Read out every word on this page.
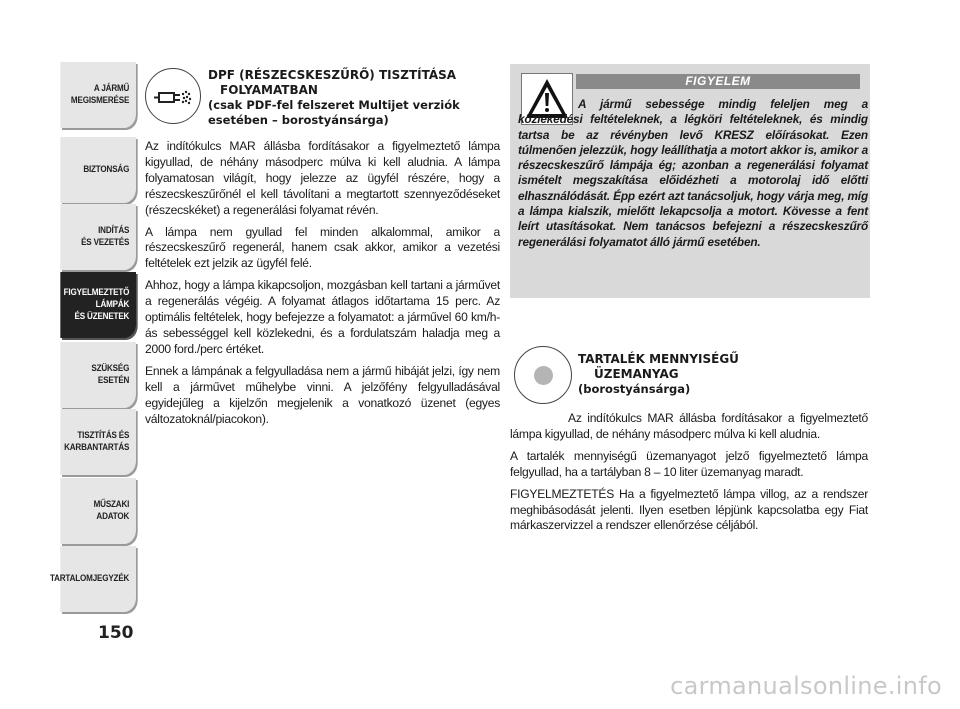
A JÁRMŰ
MEGISMERÉSE
BIZTONSÁG
INDÍTÁS
ÉS VEZETÉS
FIGYELMEZTETŐ
LÁMPÁK
ÉS ÜZENETEK
SZÜKSÉG
ESETÉN
TISZTÍTÁS ÉS
KARBANTARTÁS
MŰSZAKI
ADATOK
TARTALOMJEGYZÉK
150
DPF (RÉSZECSKESZŰRŐ) TISZTÍTÁSA
FOLYAMATBAN
(csak PDF-fel felszeret Multijet verziók
esetében – borostyánsárga)

Az indítókulcs MAR állásba fordításakor a figyelmeztető lámpa kigyullad, de néhány másodperc múlva ki kell aludnia. A lámpa folyamatosan világít, hogy jelezze az ügyfél részére, hogy a részecskeszűrőnél el kell távolítani a megtartott szennyeződéseket (részecskéket) a regenerálási folyamat révén.

A lámpa nem gyullad fel minden alkalommal, amikor a részecskeszűrő regenerál, hanem csak akkor, amikor a vezetési feltételek ezt jelzik az ügyfél felé.

Ahhoz, hogy a lámpa kikapcsoljon, mozgásban kell tartani a járművet a regenerálás végéig. A folyamat átlagos időtartama 15 perc. Az optimális feltételek, hogy befejezze a folyamatot: a járművel 60 km/h-ás sebességgel kell közlekedni, és a fordulatszám haladja meg a 2000 ford./perc értéket.

Ennek a lámpának a felgyulladása nem a jármű hibáját jelzi, így nem kell a járművet műhelybe vinni. A jelzőfény felgyulladásával egyidejűleg a kijelzőn megjelenik a vonatkozó üzenet (egyes változatoknál/piacokon).

FIGYELEM
A jármű sebessége mindig feleljen meg a közlekedési feltételeknek, a légköri feltételeknek, és mindig tartsa be az révényben levő KRESZ előírásokat. Ezen túlmenően jelezzük, hogy leállíthatja a motort akkor is, amikor a részecskeszűrő lámpája ég; azonban a regenerálási folyamat ismételt megszakítása előidézheti a motorolaj idő előtti elhasználódását. Épp ezért azt tanácsoljuk, hogy várja meg, míg a lámpa kialszik, mielőtt lekapcsolja a motort. Kövesse a fent leírt utasításokat. Nem tanácsos befejezni a részecskeszűrő regenerálási folyamatot álló jármű esetében.
TARTALÉK MENNYISÉGŰ
ÜZEMANYAG
(borostyánsárga)

Az indítókulcs MAR állásba fordításakor a figyelmeztető lámpa kigyullad, de néhány másodperc múlva ki kell aludnia.

A tartalék mennyiségű üzemanyagot jelző figyelmeztető lámpa felgyullad, ha a tartályban 8 – 10 liter üzemanyag maradt.

FIGYELMEZTETÉS Ha a figyelmeztető lámpa villog, az a rendszer meghibásodását jelenti. Ilyen esetben lépjünk kapcsolatba egy Fiat márkaszervizzel a rendszer ellenőrzése céljából.

carmanualsonline.info
